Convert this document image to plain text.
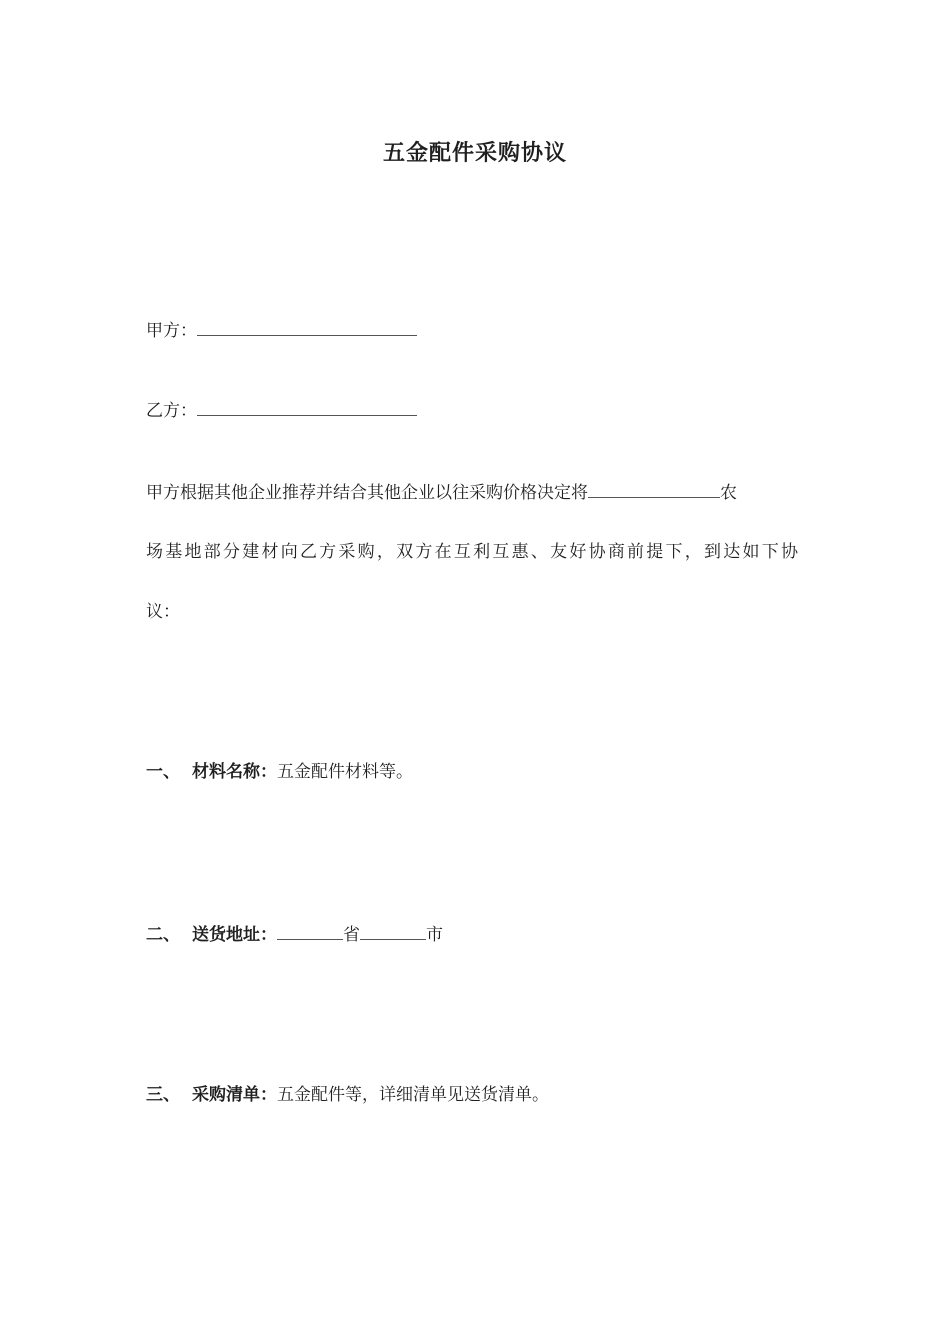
五金配件采购协议
甲方：
乙方：
甲方根据其他企业推荐并结合其他企业以往采购价格决定将	农
场基地部分建材向乙方采购，双方在互利互惠、友好协商前提下，到达如下协
议：
一、 材料名称：五金配件材料等。
二、 送货地址：	省	市
三、 采购清单：五金配件等，详细清单见送货清单。
